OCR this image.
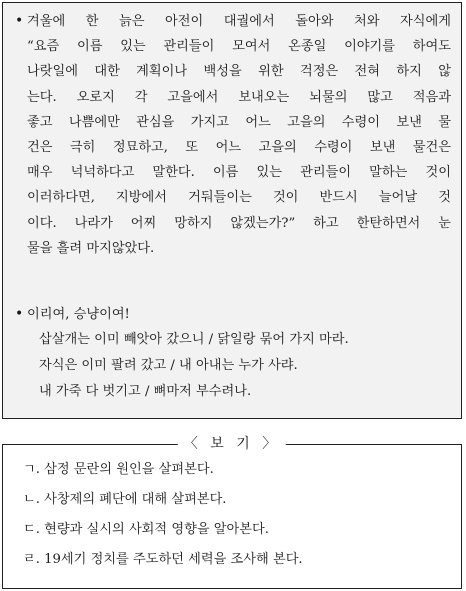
• 겨울에 한 늙은 아전이 대궐에서 돌아와 처와 자식에게
“요즘 이름 있는 관리들이 모여서 온종일 이야기를 하여도
나랏일에 대한 계획이나 백성을 위한 걱정은 전혀 하지 않
는다. 오로지 각 고을에서 보내오는 뇌물의 많고 적음과
좋고 나쁨에만 관심을 가지고 어느 고을의 수령이 보낸 물
건은 극히 정묘하고, 또 어느 고을의 수령이 보낸 물건은
매우 넉넉하다고 말한다. 이름 있는 관리들이 말하는 것이
이러하다면, 지방에서 거둬들이는 것이 반드시 늘어날 것
이다. 나라가 어찌 망하지 않겠는가?” 하고 한탄하면서 눈
물을 흘려 마지않았다.
• 이리여, 승냥이여!
삽살개는 이미 빼앗아 갔으니 / 닭일랑 묶어 가지 마라.
자식은 이미 팔려 갔고 / 내 아내는 누가 사랴.
내 가죽 다 벗기고 / 뼈마저 부수려나.
〈 보 기 〉
ㄱ. 삼정 문란의 원인을 살펴본다.
ㄴ. 사창제의 폐단에 대해 살펴본다.
ㄷ. 현량과 실시의 사회적 영향을 알아본다.
ㄹ. 19세기 정치를 주도하던 세력을 조사해 본다.
